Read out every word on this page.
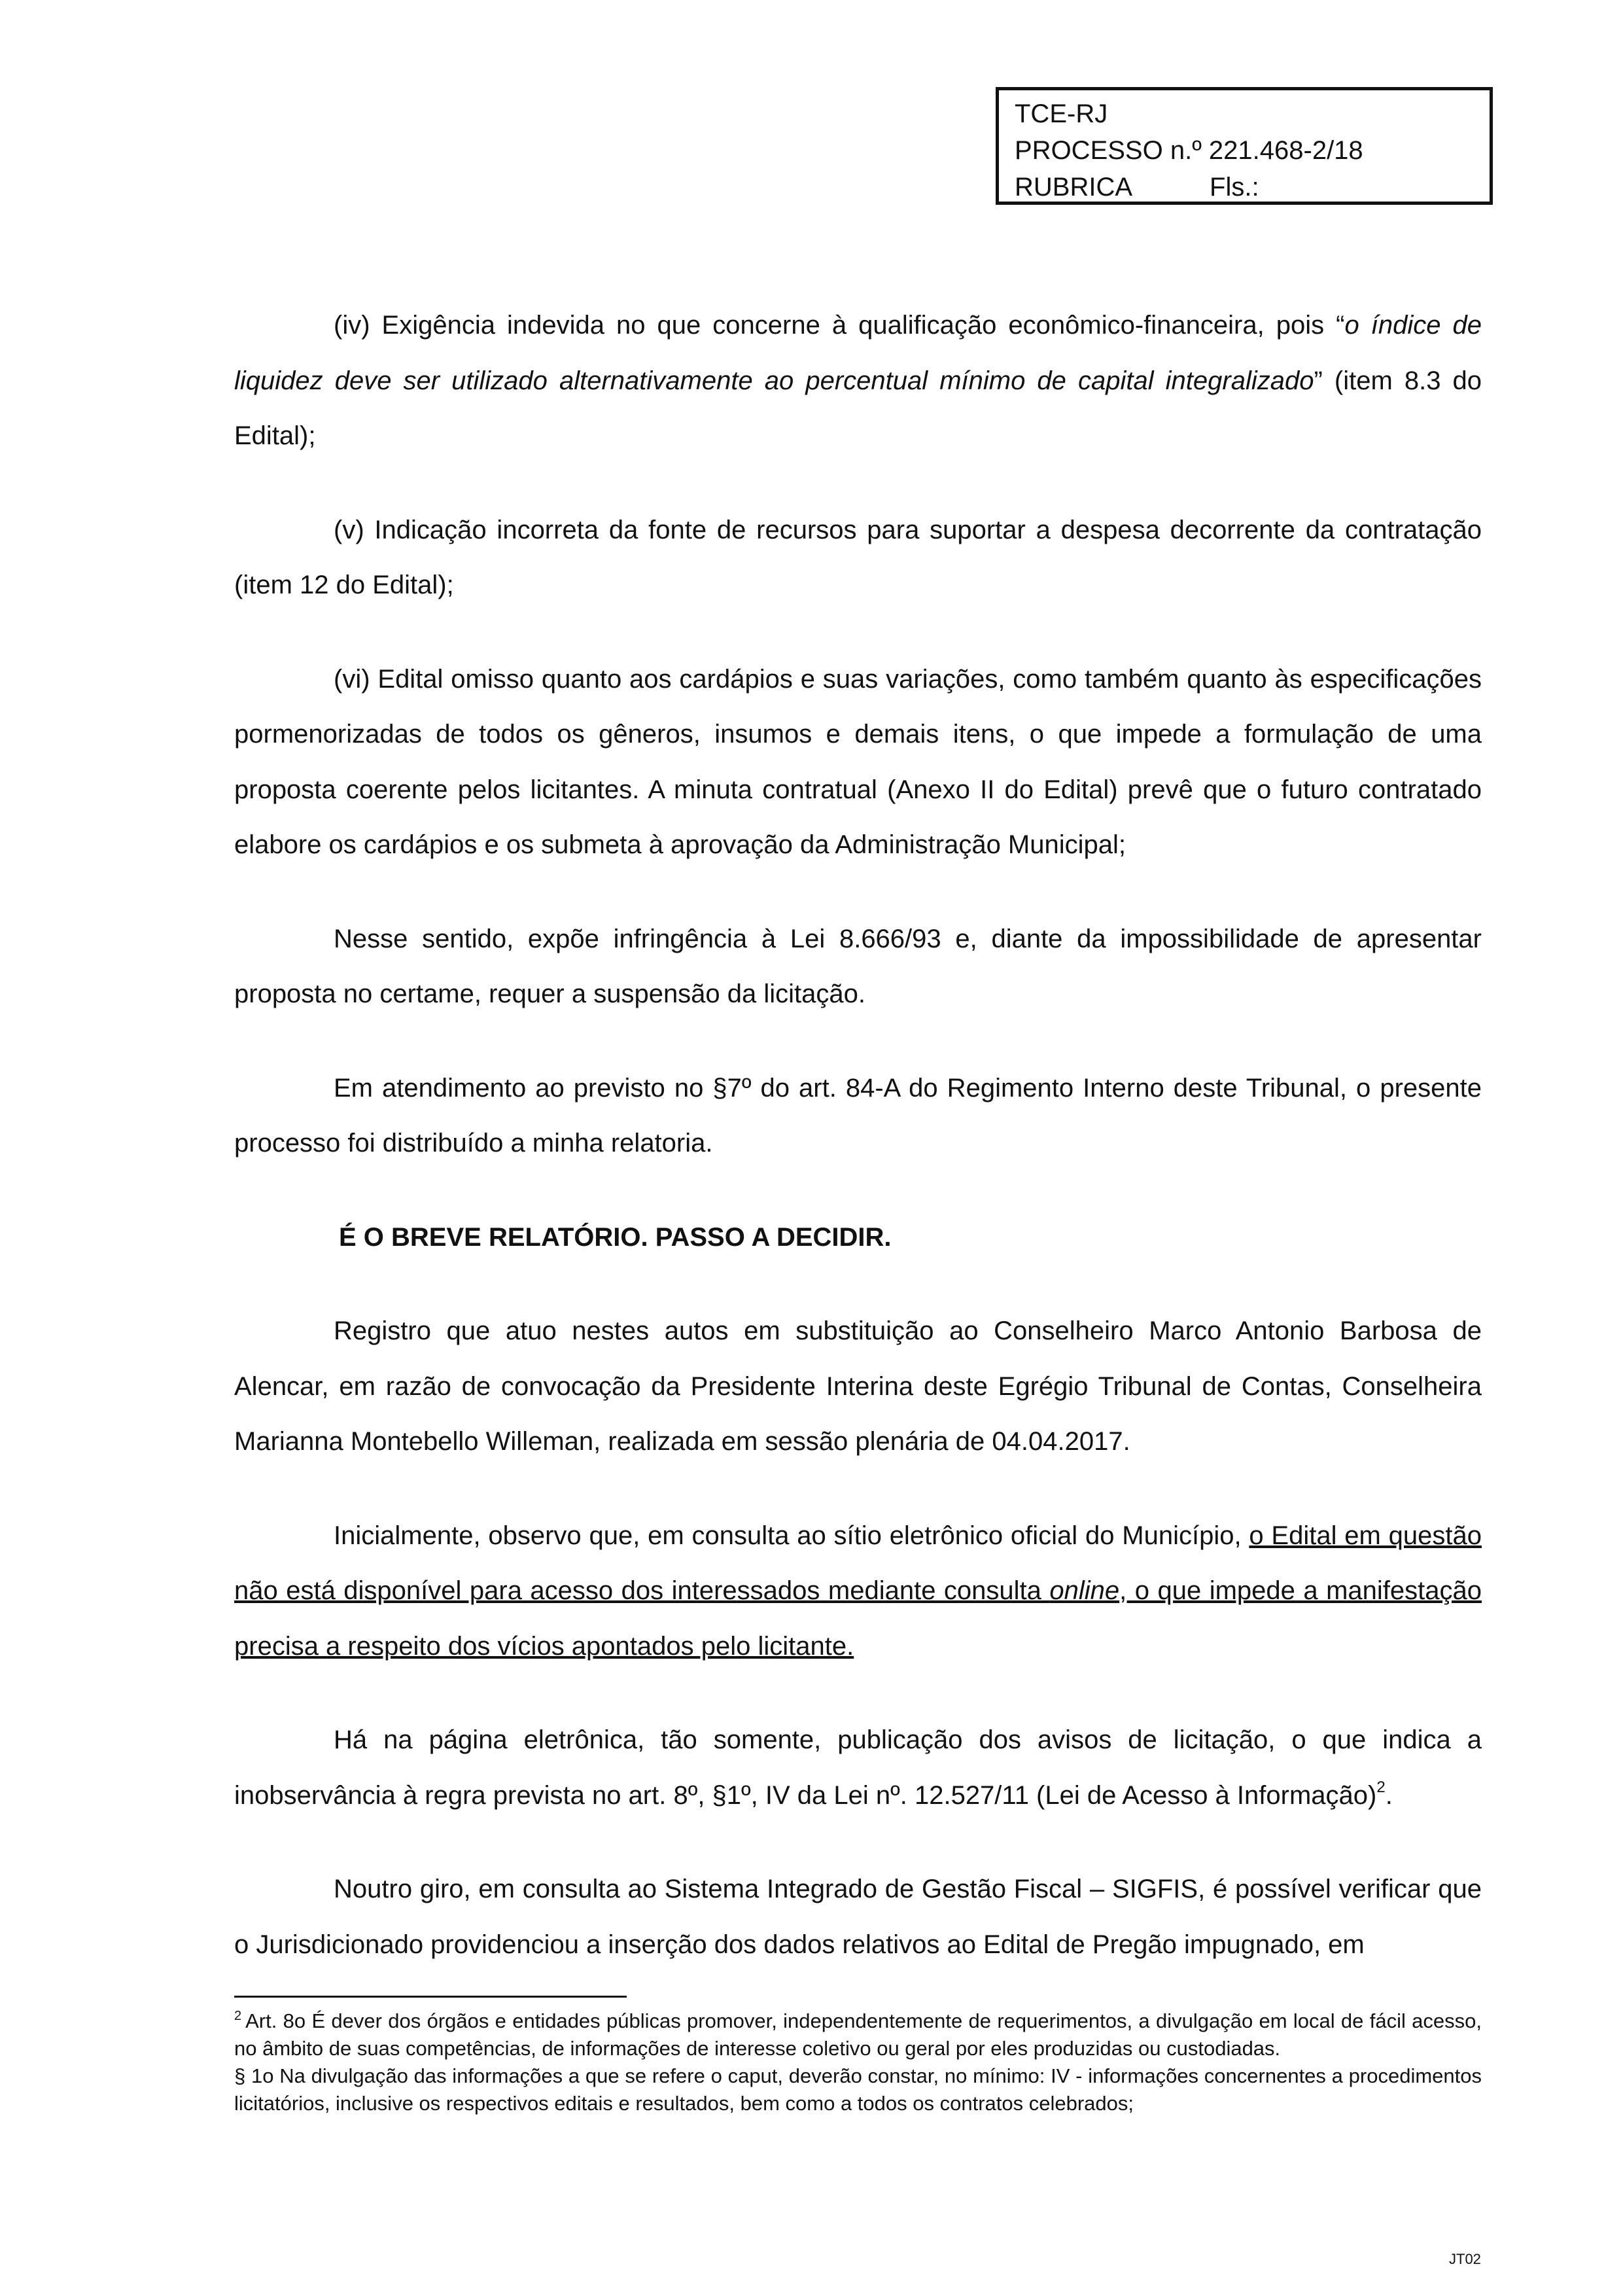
TCE-RJ
PROCESSO n.º 221.468-2/18
RUBRICA	Fls.:

(iv) Exigência indevida no que concerne à qualificação econômico-financeira, pois “o índice de liquidez deve ser utilizado alternativamente ao percentual mínimo de capital integralizado” (item 8.3 do Edital);

(v) Indicação incorreta da fonte de recursos para suportar a despesa decorrente da contratação (item 12 do Edital);

(vi) Edital omisso quanto aos cardápios e suas variações, como também quanto às especificações pormenorizadas de todos os gêneros, insumos e demais itens, o que impede a formulação de uma proposta coerente pelos licitantes. A minuta contratual (Anexo II do Edital) prevê que o futuro contratado elabore os cardápios e os submeta à aprovação da Administração Municipal;

Nesse sentido, expõe infringência à Lei 8.666/93 e, diante da impossibilidade de apresentar proposta no certame, requer a suspensão da licitação.

Em atendimento ao previsto no §7º do art. 84-A do Regimento Interno deste Tribunal, o presente processo foi distribuído a minha relatoria.

É O BREVE RELATÓRIO. PASSO A DECIDIR.

Registro que atuo nestes autos em substituição ao Conselheiro Marco Antonio Barbosa de Alencar, em razão de convocação da Presidente Interina deste Egrégio Tribunal de Contas, Conselheira Marianna Montebello Willeman, realizada em sessão plenária de 04.04.2017.

Inicialmente, observo que, em consulta ao sítio eletrônico oficial do Município, o Edital em questão não está disponível para acesso dos interessados mediante consulta online, o que impede a manifestação precisa a respeito dos vícios apontados pelo licitante.

Há na página eletrônica, tão somente, publicação dos avisos de licitação, o que indica a inobservância à regra prevista no art. 8º, §1º, IV da Lei nº. 12.527/11 (Lei de Acesso à Informação)$^2$.

Noutro giro, em consulta ao Sistema Integrado de Gestão Fiscal – SIGFIS, é possível verificar que o Jurisdicionado providenciou a inserção dos dados relativos ao Edital de Pregão impugnado, em

$^2$ Art. 8o É dever dos órgãos e entidades públicas promover, independentemente de requerimentos, a divulgação em local de fácil acesso, no âmbito de suas competências, de informações de interesse coletivo ou geral por eles produzidas ou custodiadas.

§ 1o Na divulgação das informações a que se refere o caput, deverão constar, no mínimo: IV - informações concernentes a procedimentos licitatórios, inclusive os respectivos editais e resultados, bem como a todos os contratos celebrados;

JT02
